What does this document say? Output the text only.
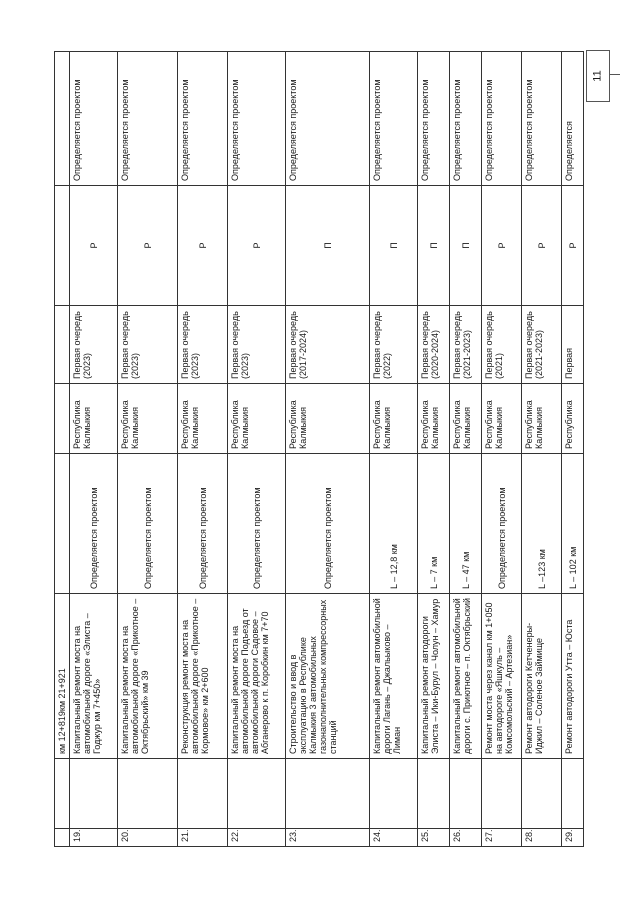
11
		км 12+819км 21+921					
19.		Капитальный ремонт моста на автомобильной дороге «Элиста – Годжур км 7+450»	Определяется проектом	Республика Калмыкия	Первая очередь (2023)	Р	Определяется проектом
20.		Капитальный ремонт моста на автомобильной дороге «Прикотное – Октябрьский» км 39	Определяется проектом	Республика Калмыкия	Первая очередь (2023)	Р	Определяется проектом
21.		Реконструкция ремонт моста на автомобильной дороге «Прикотное – Кормовое» км 2+600	Определяется проектом	Республика Калмыкия	Первая очередь (2023)	Р	Определяется проектом
22.		Капитальный ремонт моста на автомобильной дороге Подъезд от автомобильной дороги Садовое – Абганерово к п. Коробкин км 7+70	Определяется проектом	Республика Калмыкия	Первая очередь (2023)	Р	Определяется проектом
23.		Строительство и ввод в эксплуатацию в Республике Калмыкия 3 автомобильных газонаполнительных компрессорных станций	Определяется проектом	Республика Калмыкия	Первая очередь (2017-2024)	П	Определяется проектом
24.		Капитальный ремонт автомобильной дороги Лагань – Джальыково – Лиман	L – 12,8 км	Республика Калмыкия	Первая очередь (2022)	П	Определяется проектом
25.		Капитальный ремонт автодороги Элиста – Ики-Бурул – Чолун – Хамур	L – 7 км	Республика Калмыкия	Первая очередь (2020-2024)	П	Определяется проектом
26.		Капитальный ремонт автомобильной дороги с. Приютное – п. Октябрьский	L – 47 км	Республика Калмыкия	Первая очередь (2021-2023)	П	Определяется проектом
27.		Ремонт моста через канал км 1+050 на автодороге «Яшкуль – Комсомольский – Артезиан»	Определяется проектом	Республика Калмыкия	Первая очередь (2021)	Р	Определяется проектом
28.		Ремонт автодороги Кетченеры-Иджил – Соленое Займище	L –123 км	Республика Калмыкия	Первая очередь (2021-2023)	Р	Определяется проектом
29.		Ремонт автодороги Утта – Юста	L – 102 км	Республика	Первая	Р	Определяется
